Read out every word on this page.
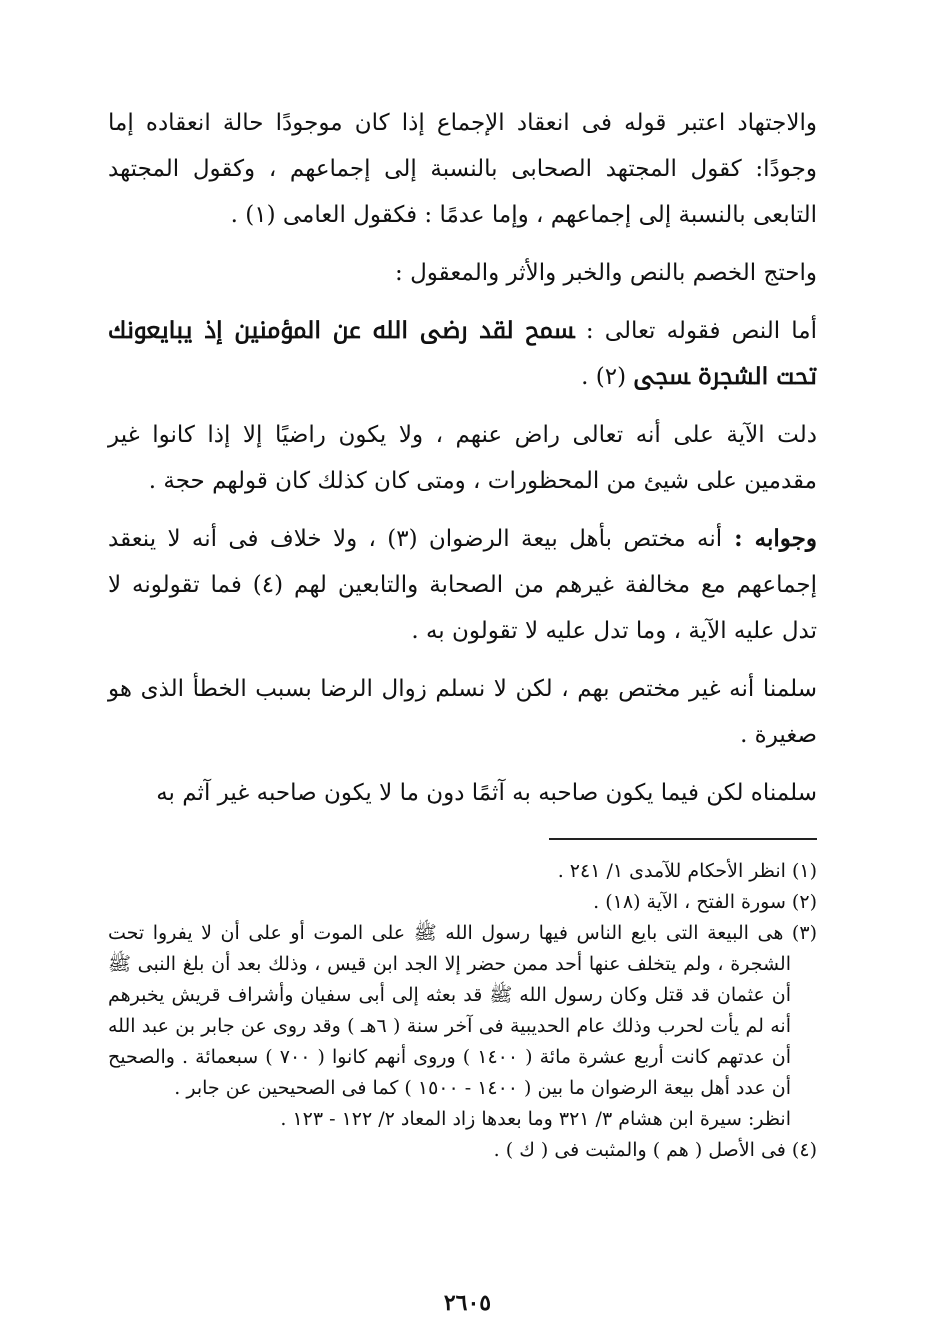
والاجتهاد اعتبر قوله فى انعقاد الإجماع إذا كان موجودًا حالة انعقاده إما وجودًا: كقول المجتهد الصحابى بالنسبة إلى إجماعهم ، وكقول المجتهد التابعى بالنسبة إلى إجماعهم ، وإما عدمًا : فكقول العامى (١) .

واحتج الخصم بالنص والخبر والأثر والمعقول :

أما النص فقوله تعالى : ﵟ لقد رضى الله عن المؤمنين إذ يبايعونك تحت الشجرة ﵞ (٢) .

دلت الآية على أنه تعالى راض عنهم ، ولا يكون راضيًا إلا إذا كانوا غير مقدمين على شيئ من المحظورات ، ومتى كان كذلك كان قولهم حجة .

وجوابه : أنه مختص بأهل بيعة الرضوان (٣) ، ولا خلاف فى أنه لا ينعقد إجماعهم مع مخالفة غيرهم من الصحابة والتابعين لهم (٤) فما تقولونه لا تدل عليه الآية ، وما تدل عليه لا تقولون به .

سلمنا أنه غير مختص بهم ، لكن لا نسلم زوال الرضا بسبب الخطأ الذى هو صغيرة .

سلمناه لكن فيما يكون صاحبه به آثمًا دون ما لا يكون صاحبه غير آثم به

(١) انظر الأحكام للآمدى ١/ ٢٤١ .

(٢) سورة الفتح ، الآية (١٨) .

(٣) هى البيعة التى بايع الناس فيها رسول الله ﷺ على الموت أو على أن لا يفروا تحت الشجرة ، ولم يتخلف عنها أحد ممن حضر إلا الجد ابن قيس ، وذلك بعد أن بلغ النبى ﷺ أن عثمان قد قتل وكان رسول الله ﷺ قد بعثه إلى أبى سفيان وأشراف قريش يخبرهم أنه لم يأت لحرب وذلك عام الحديبية فى آخر سنة ( ٦هـ ) وقد روى عن جابر بن عبد الله أن عدتهم كانت أربع عشرة مائة ( ١٤٠٠ ) وروى أنهم كانوا ( ٧٠٠ ) سبعمائة . والصحيح أن عدد أهل بيعة الرضوان ما بين ( ١٤٠٠ - ١٥٠٠ ) كما فى الصحيحين عن جابر .

انظر: سيرة ابن هشام ٣/ ٣٢١ وما بعدها زاد المعاد ٢/ ١٢٢ - ١٢٣ .

(٤) فى الأصل ( هم ) والمثبت فى ( ك ) .

٢٦٠٥
